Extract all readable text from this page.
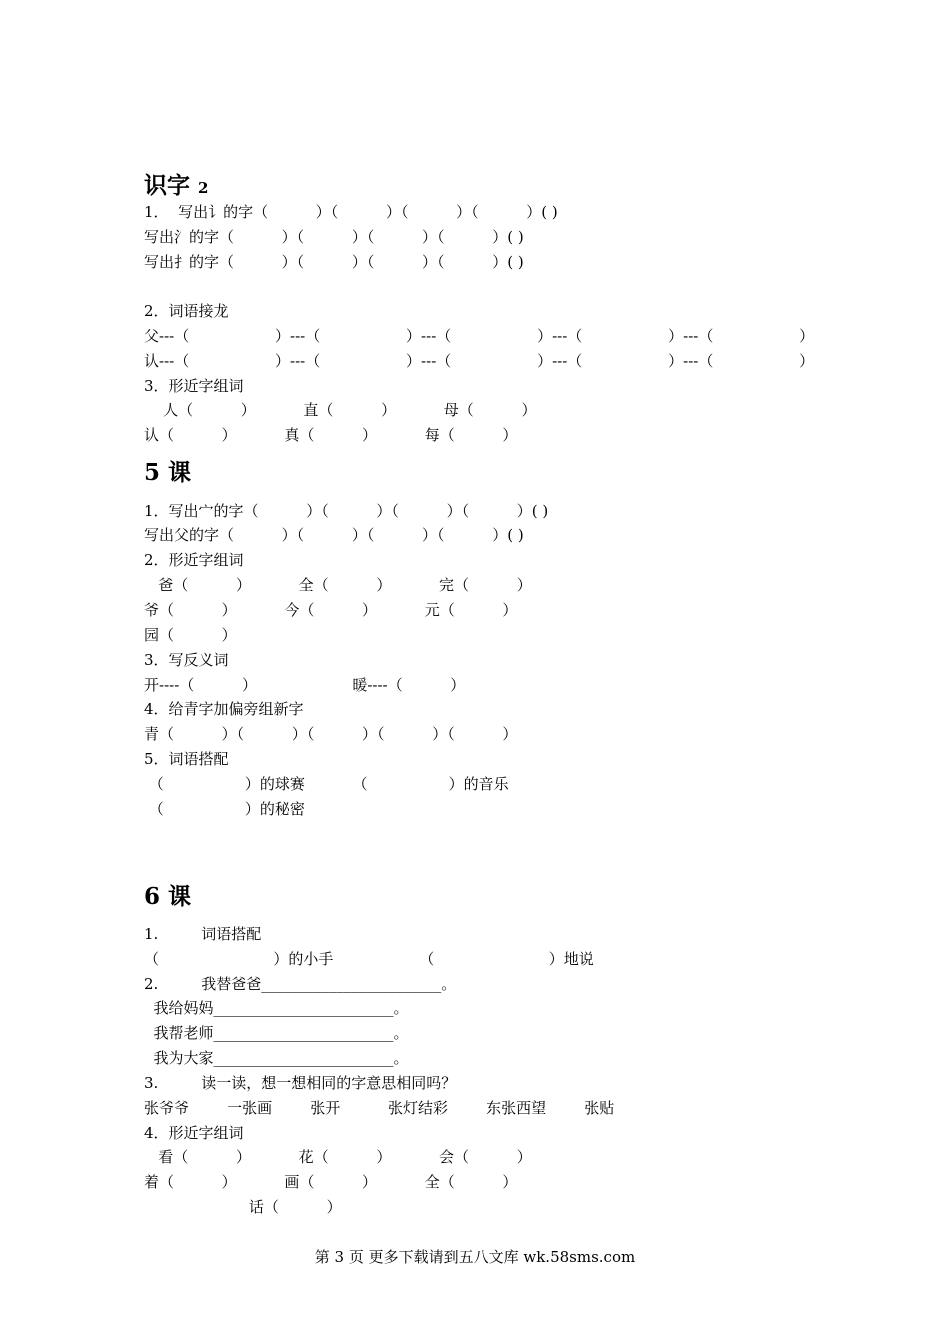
识字 2
1．  写出讠的字（          ）（          ）（          ）（          ）( )
写出氵的字（          ）（          ）（          ）（          ）( )
写出扌的字（          ）（          ）（          ）（          ）( )
2．词语接龙
父---（                  ）---（                  ）---（                  ）---（                  ）---（                  ）
认---（                  ）---（                  ）---（                  ）---（                  ）---（                  ）
3．形近字组词
人（          ）          直（          ）          母（          ）
认（          ）          真（          ）          每（          ）
5 课
1．写出宀的字（          ）（          ）（          ）（          ）( )
写出父的字（          ）（          ）（          ）（          ）( )
2．形近字组词
爸（          ）          全（          ）          完（          ）
爷（          ）          今（          ）          元（          ）
园（          ）
3．写反义词
开----（          ）                    暖----（          ）
4．给青字加偏旁组新字
青（          ）（          ）（          ）（          ）（          ）
5．词语搭配
（                 ）的球赛          （                 ）的音乐
（                 ）的秘密
6 课
1.         词语搭配
（                        ）的小手                  （                        ）地说
2.         我替爸爸________________________。
我给妈妈________________________。
我帮老师________________________。
我为大家________________________。
3.         读一读，想一想相同的字意思相同吗？
张爷爷        一张画        张开          张灯结彩        东张西望        张贴
4．形近字组词
看（          ）          花（          ）          会（          ）
着（          ）          画（          ）          全（          ）
话（          ）
第 3 页 更多下载请到五八文库 wk.58sms.com
